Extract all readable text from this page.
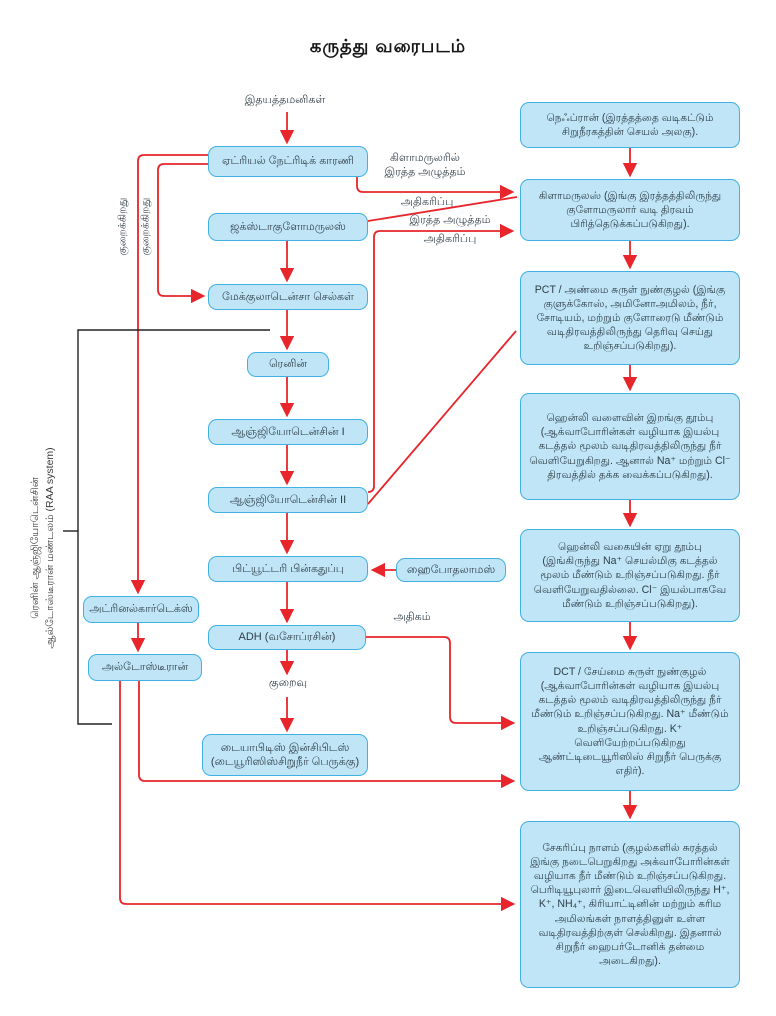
கருத்து வரைபடம்
இதயத்தமனிகள்
ஏட்ரியல் நேட்ரிடிக் காரணி
ஜக்ஸ்டாகுளோமருலஸ்
மேக்குலாடென்சா செல்கள்
ரெனின்
ஆஞ்ஜியோடென்சின் I
ஆஞ்ஜியோடென்சின் II
பிட்யூட்டரி பின்கதுப்பு	ஹைபோதலாமஸ்
ADH (வசோப்ரசின்)
அட்ரினல்கார்டெக்ஸ்
அல்டோஸ்டீரான்
டையாபிடிஸ் இன்சிபிடஸ் (டையூரிஸிஸ்சிறுநீர் பெருக்கு)
நெஃப்ரான் (இரத்தத்தை வடிகட்டும் சிறுநீரகத்தின் செயல் அலகு).
கிளாமருலஸ் (இங்கு இரத்தத்திலிருந்து குளோமருலார் வடி திரவம் பிரித்தெடுக்கப்படுகிறது).
PCT / அண்மை சுருள் நுண்குழல் (இங்கு குளுக்கோஸ், அமினோஅமிலம், நீர், சோடியம், மற்றும் குளோரைடு மீண்டும் வடிதிரவத்திலிருந்து தெரிவு செய்து உறிஞ்சப்படுகிறது).
ஹென்லி வளைவின் இறங்கு தூம்பு (ஆக்வாபோரின்கள் வழியாக இயல்பு கடத்தல் மூலம் வடிதிரவத்திலிருந்து நீர் வெளியேறுகிறது. ஆனால் Na⁺ மற்றும் Cl⁻ திரவத்தில் தக்க வைக்கப்படுகிறது).
ஹென்லி வகையின் ஏறு தூம்பு (இங்கிருந்து Na⁺ செயல்மிகு கடத்தல் மூலம் மீண்டும் உறிஞ்சப்படுகிறது. நீர் வெளியேறுவதில்லை. Cl⁻ இயல்பாகவே மீண்டும் உறிஞ்சப்படுகிறது).
DCT / சேய்மை சுருள் நுண்குழல் (ஆக்வாபோரின்கள் வழியாக இயல்பு கடத்தல் மூலம் வடிதிரவத்திலிருந்து நீர் மீண்டும் உறிஞ்சப்படுகிறது. Na⁺ மீண்டும் உறிஞ்சப்படுகிறது. K⁺ வெளியேற்றப்படுகிறது ஆண்ட்டிடையூரிஸிஸ் சிறுநீர் பெருக்கு எதிர்).
சேகரிப்பு நாளம் (குழல்களில் சுரத்தல் இங்கு நடைபெறுகிறது அக்வாபோரின்கள் வழியாக நீர் மீண்டும் உறிஞ்சப்படுகிறது. பெரிடியூபுலார் இடைவெளியிலிருந்து H⁺, K⁺, NH₄⁺, கிரியாட்டினின் மற்றும் கரிம அமிலங்கள் நாளத்தினுள் உள்ள வடிதிரவத்திற்குள் செல்கிறது. இதனால் சிறுநீர் ஹைபர்டோனிக் தன்மை அடைகிறது).
கிளாமருலரில்
இரத்த அழுத்தம்
அதிகரிப்பு
இரத்த அழுத்தம்
அதிகரிப்பு
அதிகம்
குறைவு
குறைக்கிறது குறைக்கிறது
ரெனின் ஆஞ்ஜியோடென்சின் ஆல்டோஸ்டீரான் மண்டலம் (RAA system)
